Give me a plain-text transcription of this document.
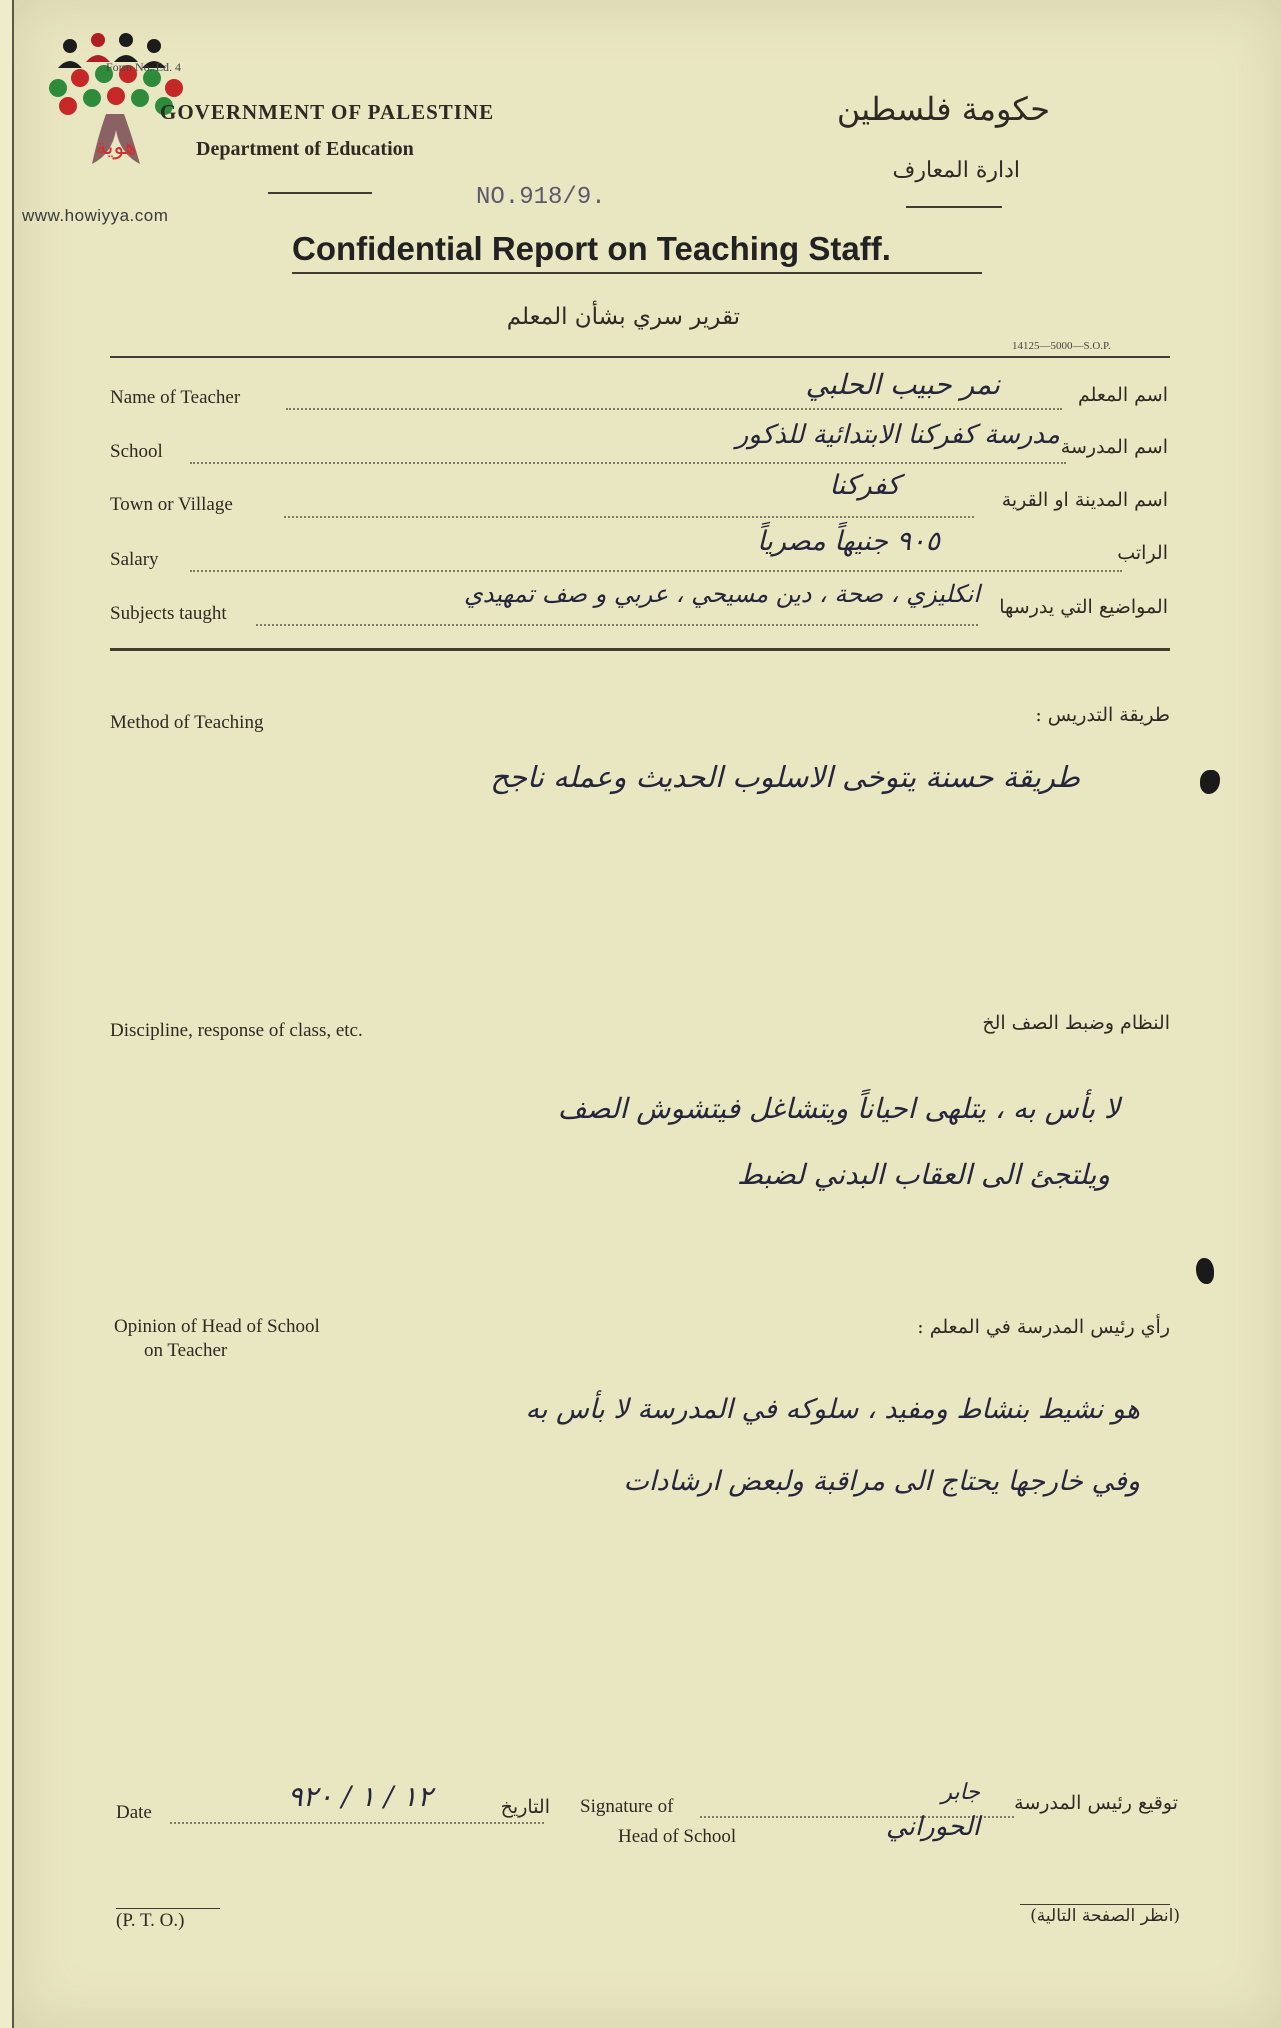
هوية
www.howiyya.com
Form No. Ed. 4
GOVERNMENT OF PALESTINE
Department of Education
حكومة فلسطين
ادارة المعارف
NO.918/9.
Confidential Report on Teaching Staff.
تقرير سري بشأن المعلم
14125—5000—S.O.P.
Name of Teacher	اسم المعلم
نمر حبيب الحلبي
School	اسم المدرسة
مدرسة كفركنا الابتدائية للذكور
Town or Village	اسم المدينة او القرية
كفركنا
Salary	الراتب
٩٠٥ جنيهاً مصرياً
Subjects taught	المواضيع التي يدرسها
انكليزي ، صحة ، دين مسيحي ، عربي و صف تمهيدي
Method of Teaching	طريقة التدريس :
طريقة حسنة يتوخى الاسلوب الحديث وعمله ناجح
Discipline, response of class, etc.	النظام وضبط الصف الخ
لا بأس به ، يتلهى احياناً ويتشاغل فيتشوش الصف
ويلتجئ الى العقاب البدني لضبط
Opinion of Head of School
on Teacher
رأي رئيس المدرسة في المعلم :
هو نشيط بنشاط ومفيد ، سلوكه في المدرسة لا بأس به
وفي خارجها يحتاج الى مراقبة ولبعض ارشادات
Date	١٢ / ١ / ٩٢٠	التاريخ Signature of
Head of School
توقيع رئيس المدرسة
جابر
الحوراني
(P. T. O.)	(انظر الصفحة التالية)
